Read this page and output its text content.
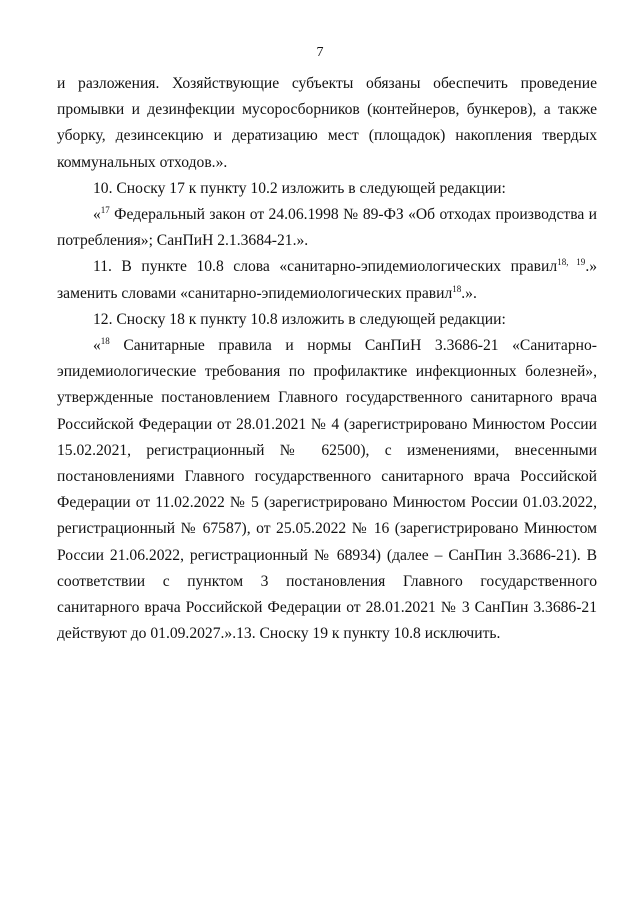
7

и разложения. Хозяйствующие субъекты обязаны обеспечить проведение промывки и дезинфекции мусоросборников (контейнеров, бункеров), а также уборку, дезинсекцию и дератизацию мест (площадок) накопления твердых коммунальных отходов.».

10. Сноску 17 к пункту 10.2 изложить в следующей редакции:

«$^{17}$ Федеральный закон от 24.06.1998 № 89-ФЗ «Об отходах производства и потребления»; СанПиН 2.1.3684-21.».

11. В пункте 10.8 слова «санитарно-эпидемиологических правил$^{18, 19}$.» заменить словами «санитарно-эпидемиологических правил$^{18}$.».

12. Сноску 18 к пункту 10.8 изложить в следующей редакции:

«$^{18}$ Санитарные правила и нормы СанПиН 3.3686-21 «Санитарно-эпидемиологические требования по профилактике инфекционных болезней», утвержденные постановлением Главного государственного санитарного врача Российской Федерации от 28.01.2021 № 4 (зарегистрировано Минюстом России 15.02.2021, регистрационный № 62500), с изменениями, внесенными постановлениями Главного государственного санитарного врача Российской Федерации от 11.02.2022 № 5 (зарегистрировано Минюстом России 01.03.2022, регистрационный № 67587), от 25.05.2022 № 16 (зарегистрировано Минюстом России 21.06.2022, регистрационный № 68934) (далее – СанПин 3.3686-21). В соответствии с пунктом 3 постановления Главного государственного санитарного врача Российской Федерации от 28.01.2021 № 3 СанПин 3.3686-21 действуют до 01.09.2027.».13. Сноску 19 к пункту 10.8 исключить.
